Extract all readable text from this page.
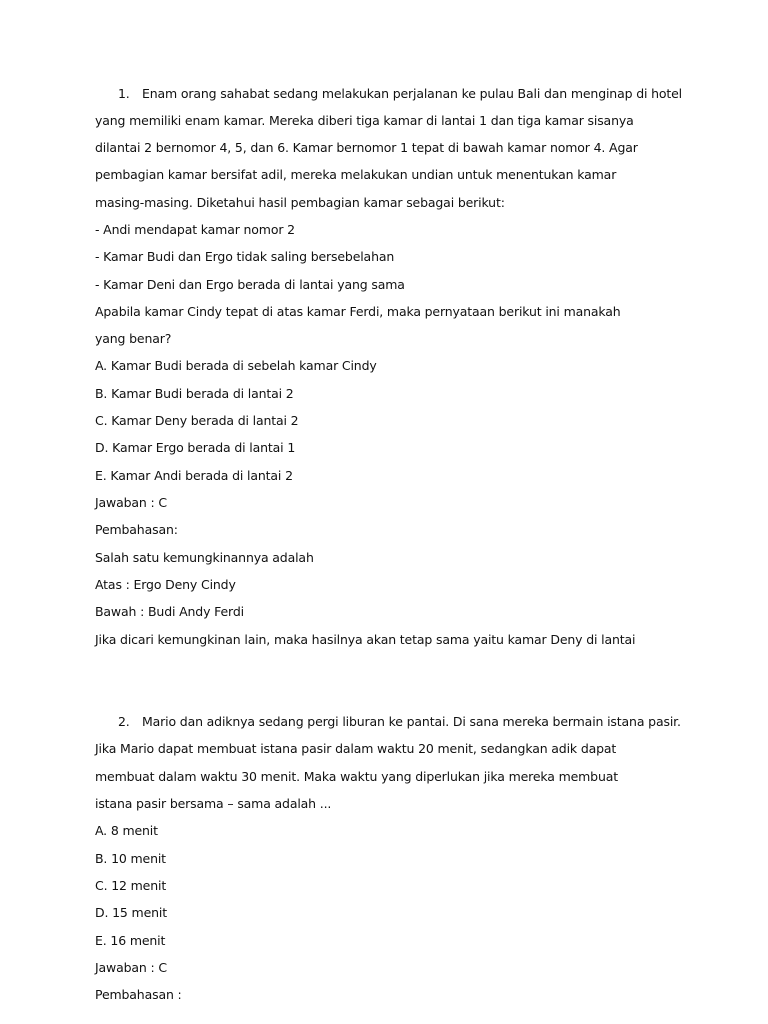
1. Enam orang sahabat sedang melakukan perjalanan ke pulau Bali dan menginap di hotel
yang memiliki enam kamar. Mereka diberi tiga kamar di lantai 1 dan tiga kamar sisanya
dilantai 2 bernomor 4, 5, dan 6. Kamar bernomor 1 tepat di bawah kamar nomor 4. Agar
pembagian kamar bersifat adil, mereka melakukan undian untuk menentukan kamar
masing-masing. Diketahui hasil pembagian kamar sebagai berikut:
- Andi mendapat kamar nomor 2
- Kamar Budi dan Ergo tidak saling bersebelahan
- Kamar Deni dan Ergo berada di lantai yang sama
Apabila kamar Cindy tepat di atas kamar Ferdi, maka pernyataan berikut ini manakah
yang benar?
A. Kamar Budi berada di sebelah kamar Cindy
B. Kamar Budi berada di lantai 2
C. Kamar Deny berada di lantai 2
D. Kamar Ergo berada di lantai 1
E. Kamar Andi berada di lantai 2
Jawaban : C
Pembahasan:
Salah satu kemungkinannya adalah
Atas : Ergo Deny Cindy
Bawah : Budi Andy Ferdi
Jika dicari kemungkinan lain, maka hasilnya akan tetap sama yaitu kamar Deny di lantai
2. Mario dan adiknya sedang pergi liburan ke pantai. Di sana mereka bermain istana pasir.
Jika Mario dapat membuat istana pasir dalam waktu 20 menit, sedangkan adik dapat
membuat dalam waktu 30 menit. Maka waktu yang diperlukan jika mereka membuat
istana pasir bersama – sama adalah ...
A. 8 menit
B. 10 menit
C. 12 menit
D. 15 menit
E. 16 menit
Jawaban : C
Pembahasan :
